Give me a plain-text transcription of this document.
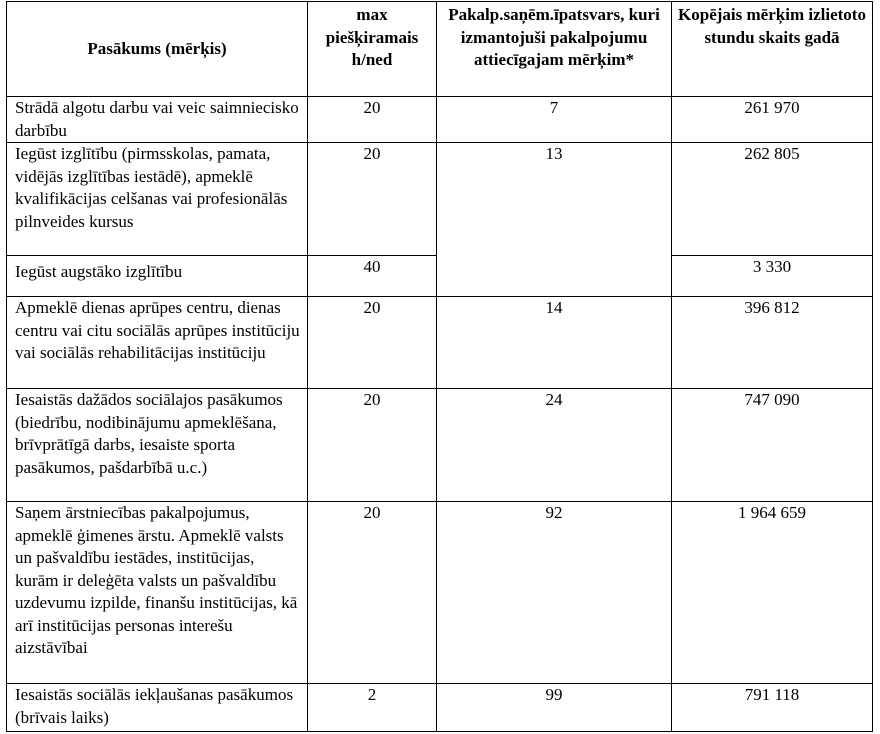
Pasākums (mērķis)	max piešķiramais h/ned	Pakalp.saņēm.īpatsvars, kuri izmantojuši pakalpojumu attiecīgajam mērķim*	Kopējais mērķim izlietoto stundu skaits gadā
Strādā algotu darbu vai veic saimniecisko darbību	20	7	261 970
Iegūst izglītību (pirmsskolas, pamata, vidējās izglītības iestādē), apmeklē kvalifikācijas celšanas vai profesionālās pilnveides kursus	20	13	262 805
Iegūst augstāko izglītību	40		3 330
Apmeklē dienas aprūpes centru, dienas centru vai citu sociālās aprūpes institūciju vai sociālās rehabilitācijas institūciju	20	14	396 812
Iesaistās dažādos sociālajos pasākumos (biedrību, nodibinājumu apmeklēšana, brīvprātīgā darbs, iesaiste sporta pasākumos, pašdarbībā u.c.)	20	24	747 090
Saņem ārstniecības pakalpojumus, apmeklē ģimenes ārstu. Apmeklē valsts un pašvaldību iestādes, institūcijas, kurām ir deleģēta valsts un pašvaldību uzdevumu izpilde, finanšu institūcijas, kā arī institūcijas personas interešu aizstāvībai	20	92	1 964 659
Iesaistās sociālās iekļaušanas pasākumos (brīvais laiks)	2	99	791 118
